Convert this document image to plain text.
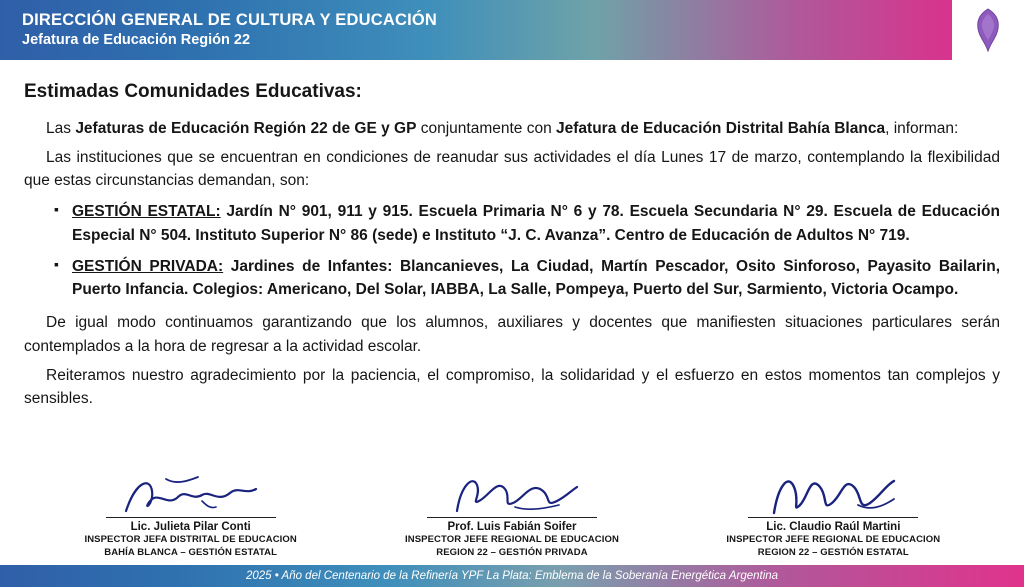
DIRECCIÓN GENERAL DE CULTURA Y EDUCACIÓN
Jefatura de Educación Región 22
Estimadas Comunidades Educativas:

Las Jefaturas de Educación Región 22 de GE y GP conjuntamente con Jefatura de Educación Distrital Bahía Blanca, informan:

Las instituciones que se encuentran en condiciones de reanudar sus actividades el día Lunes 17 de marzo, contemplando la flexibilidad que estas circunstancias demandan, son:

▪ GESTIÓN ESTATAL: Jardín N° 901, 911 y 915. Escuela Primaria N° 6 y 78. Escuela Secundaria N° 29. Escuela de Educación Especial N° 504. Instituto Superior N° 86 (sede) e Instituto “J. C. Avanza”. Centro de Educación de Adultos N° 719.
▪ GESTIÓN PRIVADA: Jardines de Infantes: Blancanieves, La Ciudad, Martín Pescador, Osito Sinforoso, Payasito Bailarin, Puerto Infancia. Colegios: Americano, Del Solar, IABBA, La Salle, Pompeya, Puerto del Sur, Sarmiento, Victoria Ocampo.

De igual modo continuamos garantizando que los alumnos, auxiliares y docentes que manifiesten situaciones particulares serán contemplados a la hora de regresar a la actividad escolar.

Reiteramos nuestro agradecimiento por la paciencia, el compromiso, la solidaridad y el esfuerzo en estos momentos tan complejos y sensibles.

Lic. Julieta Pilar Conti
INSPECTOR JEFA DISTRITAL DE EDUCACION
BAHÍA BLANCA – GESTIÓN ESTATAL
Prof. Luis Fabián Soifer
INSPECTOR JEFE REGIONAL DE EDUCACION
REGION 22 – GESTIÓN PRIVADA
Lic. Claudio Raúl Martini
INSPECTOR JEFE REGIONAL DE EDUCACION
REGION 22 – GESTIÓN ESTATAL
2025 • Año del Centenario de la Refinería YPF La Plata: Emblema de la Soberanía Energética Argentina
